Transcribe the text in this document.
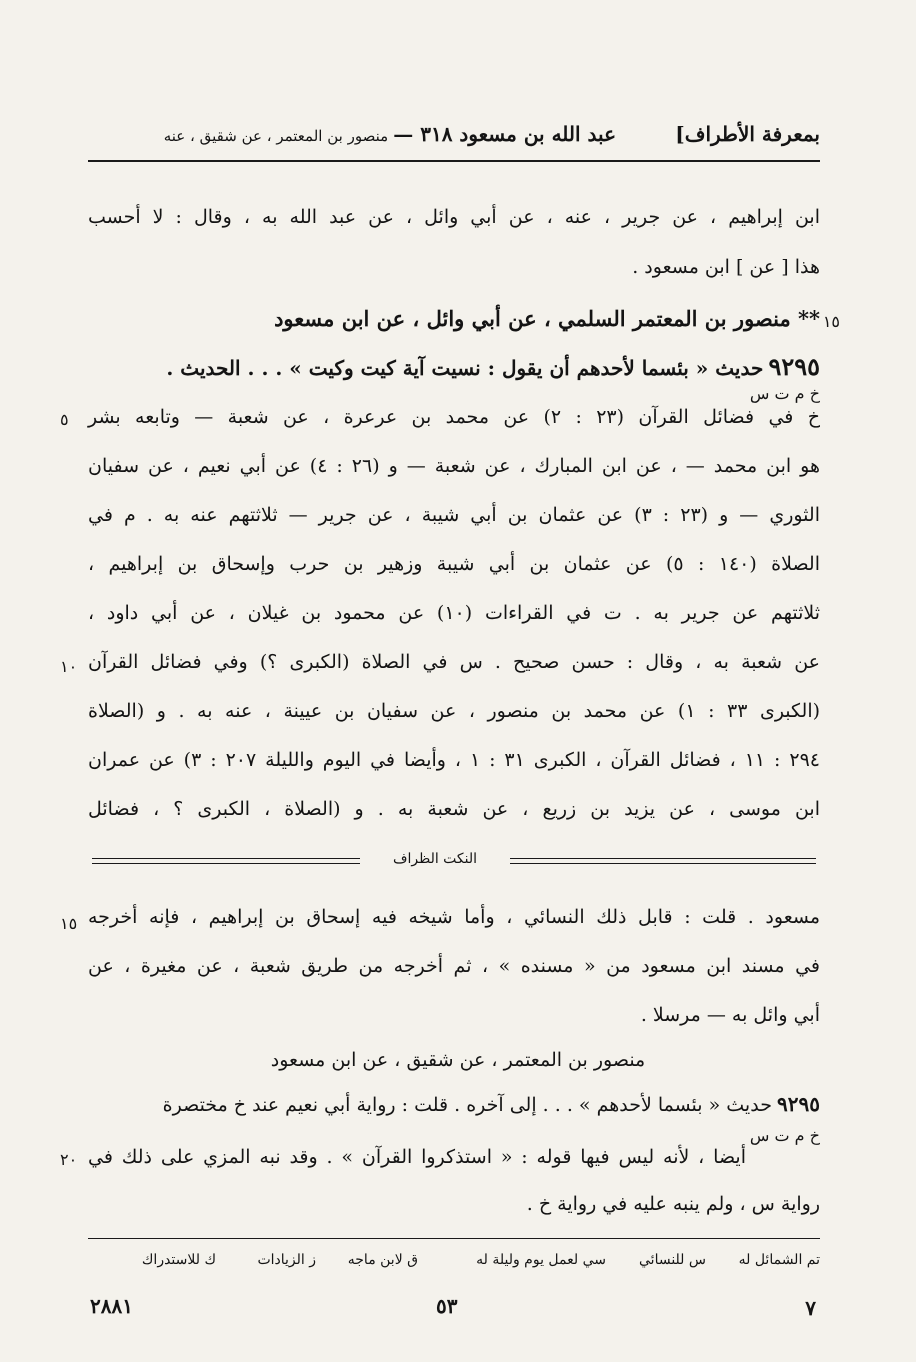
بمعرفة الأطراف]
عبد الله بن مسعود ٣١٨ — منصور بن المعتمر ، عن شقيق ، عنه
ابن إبراهيم ، عن جرير ، عنه ، عن أبي وائل ، عن عبد الله به ، وقال : لا أحسب
هذا [ عن ] ابن مسعود .
١٥
** منصور بن المعتمر السلمي ، عن أبي وائل ، عن ابن مسعود
٩٢٩٥ حديث « بئسما لأحدهم أن يقول : نسيت آية كيت وكيت » . . . الحديث .
خ م ت س
٥
١٠
خ في فضائل القرآن (٢٣ : ٢) عن محمد بن عرعرة ، عن شعبة — وتابعه بشر
هو ابن محمد — ، عن ابن المبارك ، عن شعبة — و (٢٦ : ٤) عن أبي نعيم ، عن سفيان
الثوري — و (٢٣ : ٣) عن عثمان بن أبي شيبة ، عن جرير — ثلاثتهم عنه به . م في
الصلاة (١٤٠ : ٥) عن عثمان بن أبي شيبة وزهير بن حرب وإسحاق بن إبراهيم ،
ثلاثتهم عن جرير به . ت في القراءات (١٠) عن محمود بن غيلان ، عن أبي داود ،
عن شعبة به ، وقال : حسن صحيح . س في الصلاة (الكبرى ؟) وفي فضائل القرآن
(الكبرى ٣٣ : ١) عن محمد بن منصور ، عن سفيان بن عيينة ، عنه به . و (الصلاة
٢٩٤ : ١١ ، فضائل القرآن ، الكبرى ٣١ : ١ ، وأيضا في اليوم والليلة ٢٠٧ : ٣) عن عمران
ابن موسى ، عن يزيد بن زريع ، عن شعبة به . و (الصلاة ، الكبرى ؟ ، فضائل
النكت الظراف
١٥ مسعود . قلت : قابل ذلك النسائي ، وأما شيخه فيه إسحاق بن إبراهيم ، فإنه أخرجه
في مسند ابن مسعود من « مسنده » ، ثم أخرجه من طريق شعبة ، عن مغيرة ، عن
أبي وائل به — مرسلا .
منصور بن المعتمر ، عن شقيق ، عن ابن مسعود
٩٢٩٥ حديث « بئسما لأحدهم » . . . إلى آخره . قلت : رواية أبي نعيم عند خ مختصرة
خ م ت س
٢٠ أيضا ، لأنه ليس فيها قوله : « استذكروا القرآن » . وقد نبه المزي على ذلك في
رواية س ، ولم ينبه عليه في رواية خ .
تم الشمائل له
س للنسائي
سي لعمل يوم وليلة له
ق لابن ماجه
ز الزيادات
ك للاستدراك
٧
٥٣
٢٨٨١
